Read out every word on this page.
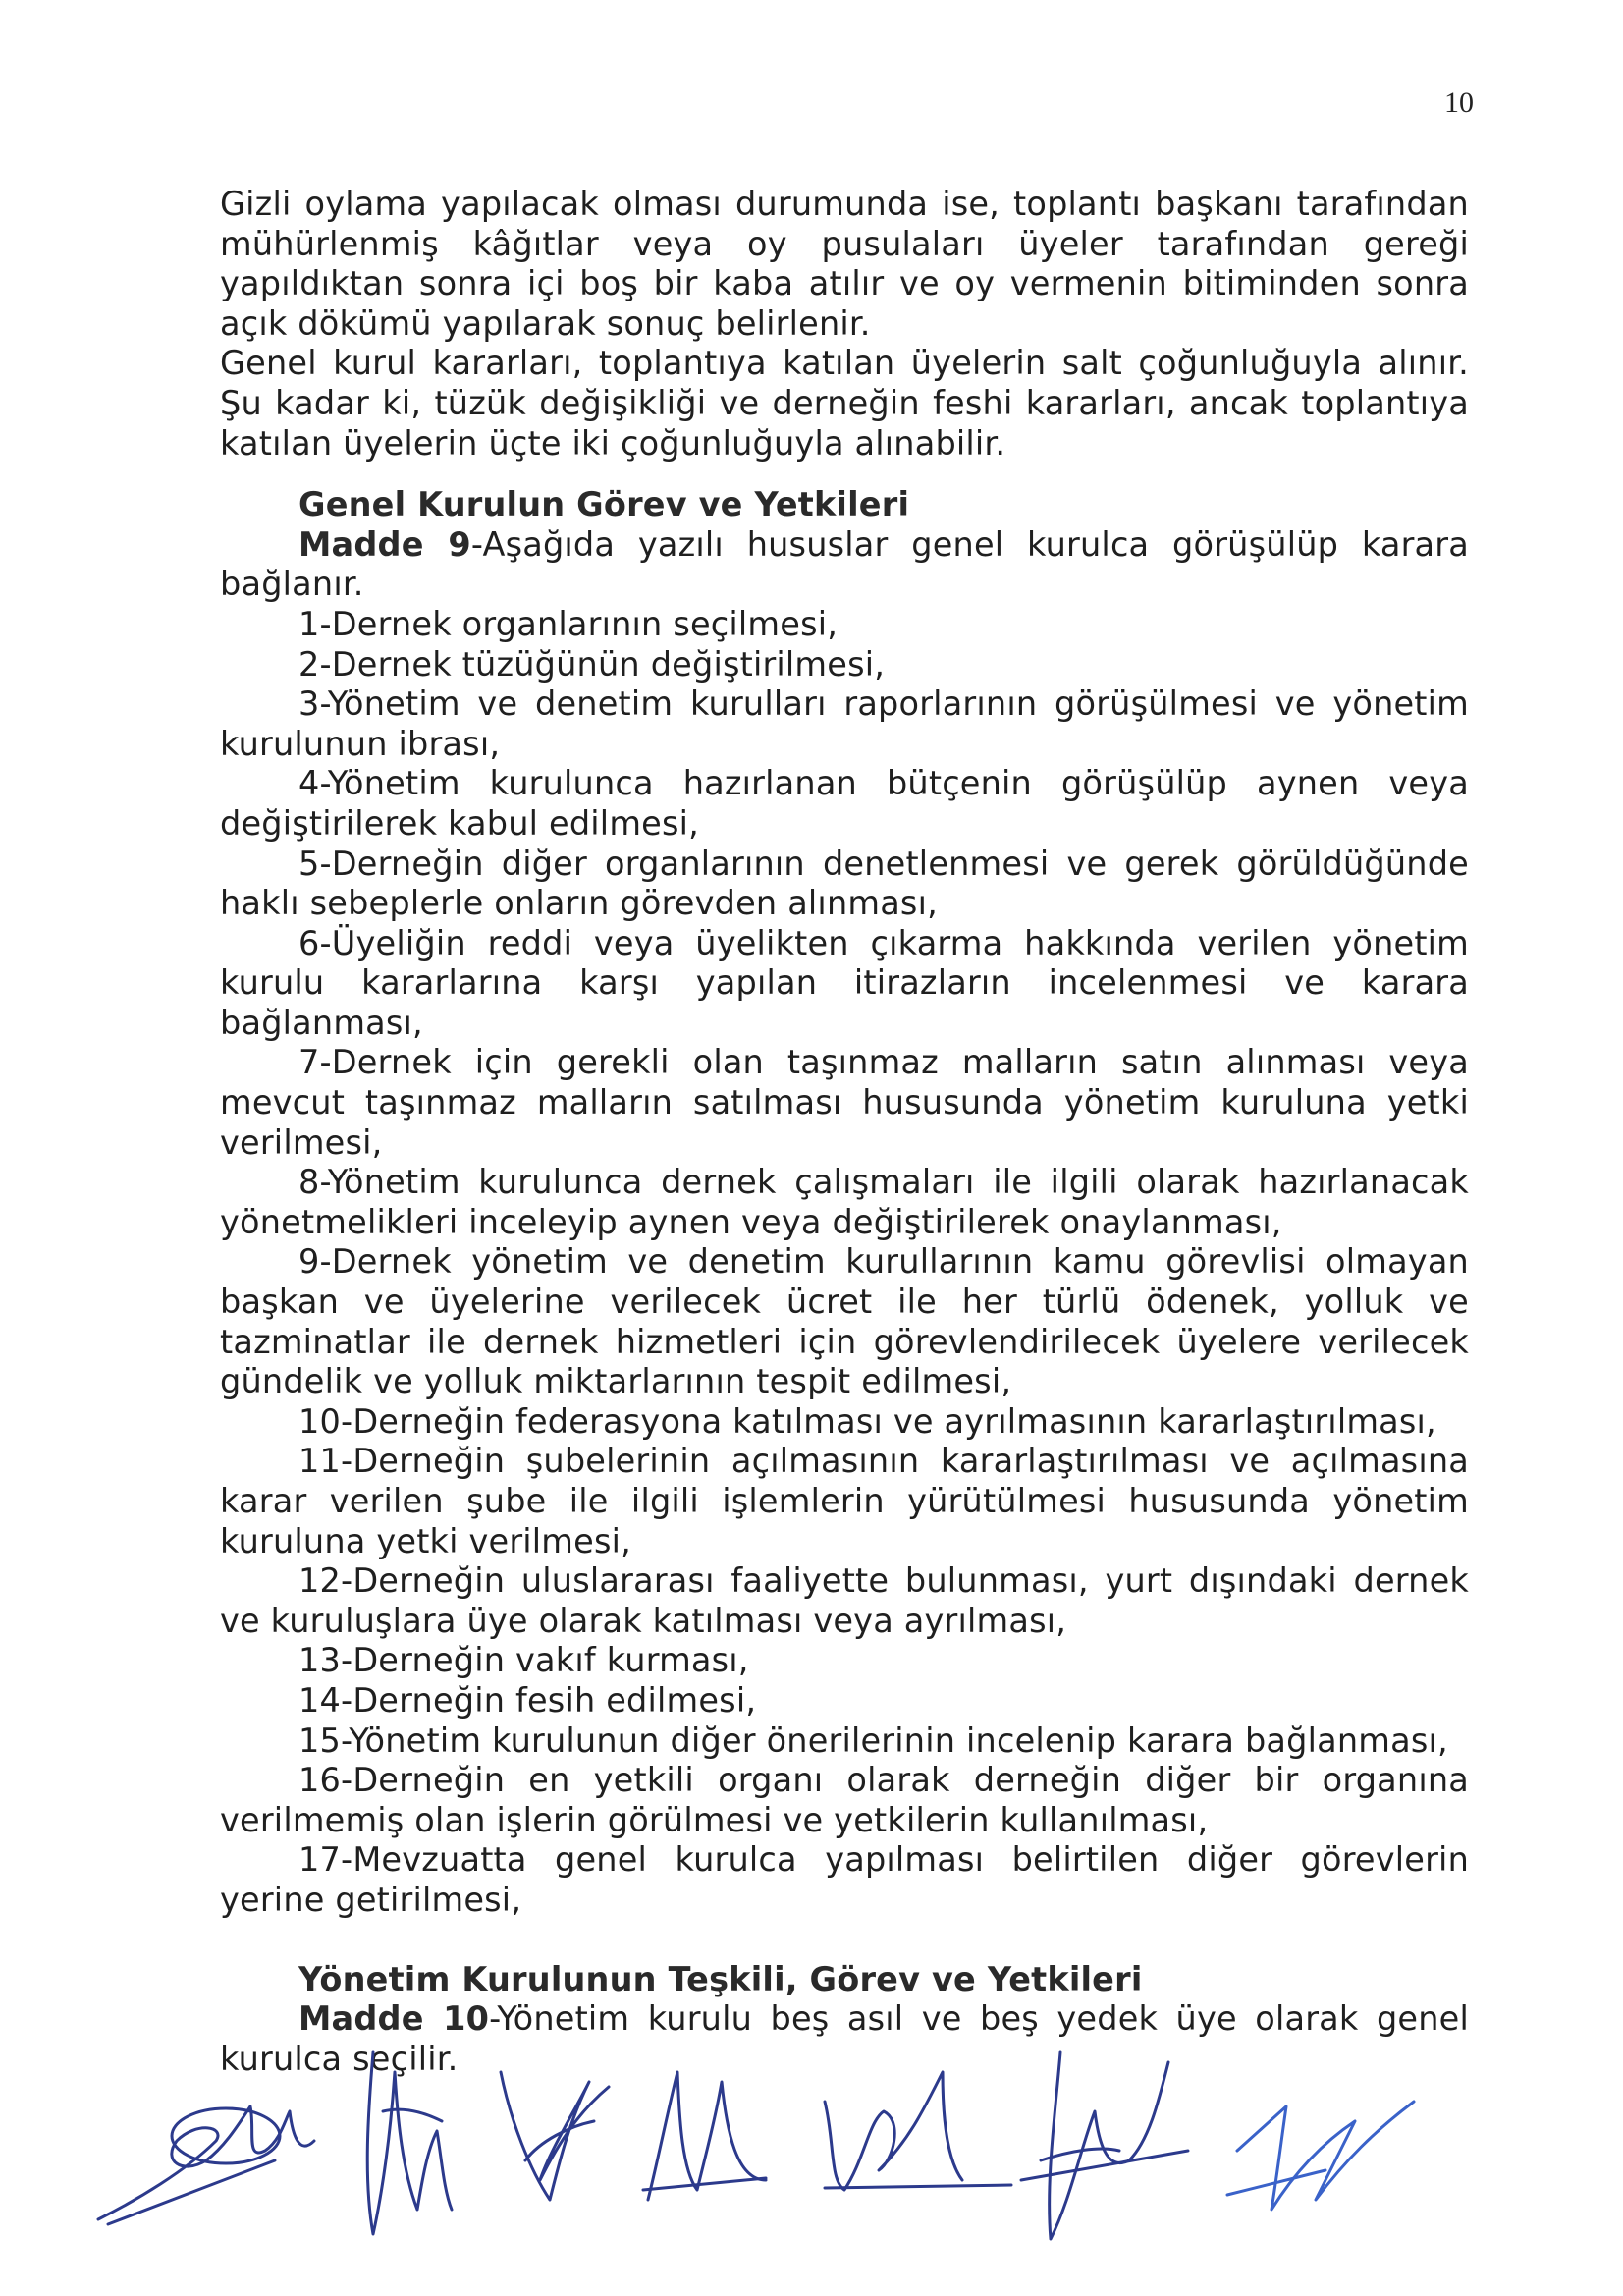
10

Gizli oylama yapılacak olması durumunda ise, toplantı başkanı tarafından mühürlenmiş kâğıtlar veya oy pusulaları üyeler tarafından gereği yapıldıktan sonra içi boş bir kaba atılır ve oy vermenin bitiminden sonra açık dökümü yapılarak sonuç belirlenir.

Genel kurul kararları, toplantıya katılan üyelerin salt çoğunluğuyla alınır. Şu kadar ki, tüzük değişikliği ve derneğin feshi kararları, ancak toplantıya katılan üyelerin üçte iki çoğunluğuyla alınabilir.

Genel Kurulun Görev ve Yetkileri

Madde 9-Aşağıda yazılı hususlar genel kurulca görüşülüp karara bağlanır.

1-Dernek organlarının seçilmesi,

2-Dernek tüzüğünün değiştirilmesi,

3-Yönetim ve denetim kurulları raporlarının görüşülmesi ve yönetim kurulunun ibrası,

4-Yönetim kurulunca hazırlanan bütçenin görüşülüp aynen veya değiştirilerek kabul edilmesi,

5-Derneğin diğer organlarının denetlenmesi ve gerek görüldüğünde haklı sebeplerle onların görevden alınması,

6-Üyeliğin reddi veya üyelikten çıkarma hakkında verilen yönetim kurulu kararlarına karşı yapılan itirazların incelenmesi ve karara bağlanması,

7-Dernek için gerekli olan taşınmaz malların satın alınması veya mevcut taşınmaz malların satılması hususunda yönetim kuruluna yetki verilmesi,

8-Yönetim kurulunca dernek çalışmaları ile ilgili olarak hazırlanacak yönetmelikleri inceleyip aynen veya değiştirilerek onaylanması,

9-Dernek yönetim ve denetim kurullarının kamu görevlisi olmayan başkan ve üyelerine verilecek ücret ile her türlü ödenek, yolluk ve tazminatlar ile dernek hizmetleri için görevlendirilecek üyelere verilecek gündelik ve yolluk miktarlarının tespit edilmesi,

10-Derneğin federasyona katılması ve ayrılmasının kararlaştırılması,

11-Derneğin şubelerinin açılmasının kararlaştırılması ve açılmasına karar verilen şube ile ilgili işlemlerin yürütülmesi hususunda yönetim kuruluna yetki verilmesi,

12-Derneğin uluslararası faaliyette bulunması, yurt dışındaki dernek ve kuruluşlara üye olarak katılması veya ayrılması,

13-Derneğin vakıf kurması,

14-Derneğin fesih edilmesi,

15-Yönetim kurulunun diğer önerilerinin incelenip karara bağlanması,

16-Derneğin en yetkili organı olarak derneğin diğer bir organına verilmemiş olan işlerin görülmesi ve yetkilerin kullanılması,

17-Mevzuatta genel kurulca yapılması belirtilen diğer görevlerin yerine getirilmesi,

Yönetim Kurulunun Teşkili, Görev ve Yetkileri

Madde 10-Yönetim kurulu beş asıl ve beş yedek üye olarak genel kurulca seçilir.
